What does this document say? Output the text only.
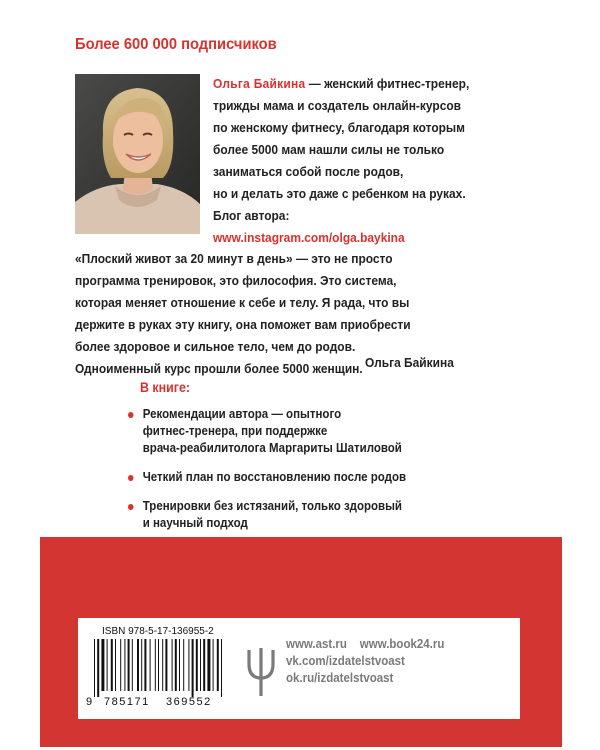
Более 600 000 подписчиков
Ольга Байкина — женский фитнес-тренер,
трижды мама и создатель онлайн-курсов
по женскому фитнесу, благодаря которым
более 5000 мам нашли силы не только
заниматься собой после родов,
но и делать это даже с ребенком на руках.
Блог автора:
www.instagram.com/olga.baykina
«Плоский живот за 20 минут в день» — это не просто
программа тренировок, это философия. Это система,
которая меняет отношение к себе и телу. Я рада, что вы
держите в руках эту книгу, она поможет вам приобрести
более здоровое и сильное тело, чем до родов.
Одноименный курс прошли более 5000 женщин. Ольга Байкина
В книге:
Рекомендации автора — опытного
фитнес-тренера, при поддержке
врача-реабилитолога Маргариты Шатиловой
Четкий план по восстановлению после родов
Тренировки без истязаний, только здоровый
и научный подход
ISBN 978-5-17-136955-2
9 785171 369552
www.ast.ru www.book24.ru
vk.com/izdatelstvoast
ok.ru/izdatelstvoast
